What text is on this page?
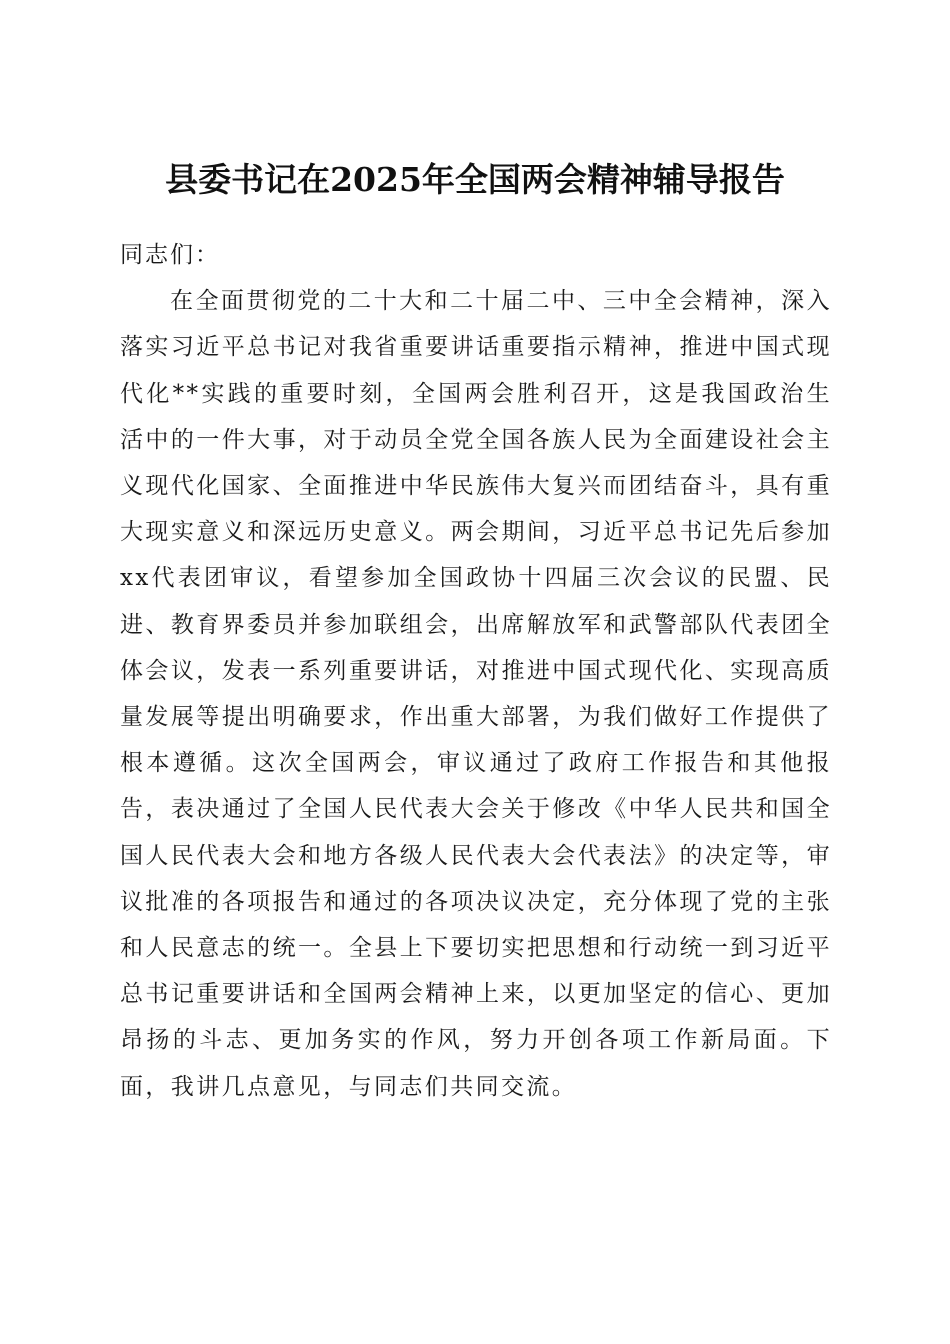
县委书记在2025年全国两会精神辅导报告

同志们：

在全面贯彻党的二十大和二十届二中、三中全会精神，深入落实习近平总书记对我省重要讲话重要指示精神，推进中国式现代化**实践的重要时刻，全国两会胜利召开，这是我国政治生活中的一件大事，对于动员全党全国各族人民为全面建设社会主义现代化国家、全面推进中华民族伟大复兴而团结奋斗，具有重大现实意义和深远历史意义。两会期间，习近平总书记先后参加xx代表团审议，看望参加全国政协十四届三次会议的民盟、民进、教育界委员并参加联组会，出席解放军和武警部队代表团全体会议，发表一系列重要讲话，对推进中国式现代化、实现高质量发展等提出明确要求，作出重大部署，为我们做好工作提供了根本遵循。这次全国两会，审议通过了政府工作报告和其他报告，表决通过了全国人民代表大会关于修改《中华人民共和国全国人民代表大会和地方各级人民代表大会代表法》的决定等，审议批准的各项报告和通过的各项决议决定，充分体现了党的主张和人民意志的统一。全县上下要切实把思想和行动统一到习近平总书记重要讲话和全国两会精神上来，以更加坚定的信心、更加昂扬的斗志、更加务实的作风，努力开创各项工作新局面。下面，我讲几点意见，与同志们共同交流。
